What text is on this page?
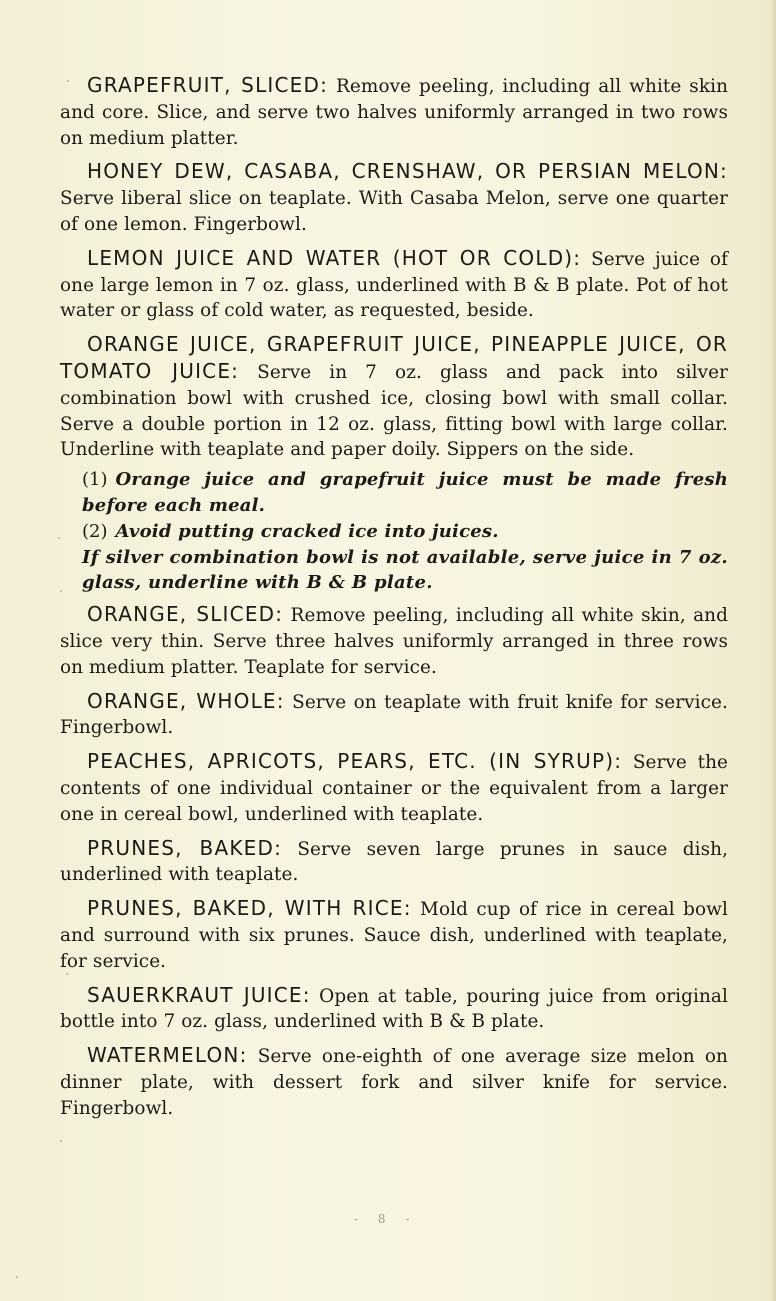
GRAPEFRUIT, SLICED: Remove peeling, including all white skin and core. Slice, and serve two halves uniformly arranged in two rows on medium platter.

HONEY DEW, CASABA, CRENSHAW, OR PERSIAN MELON: Serve liberal slice on teaplate. With Casaba Melon, serve one quarter of one lemon. Fingerbowl.

LEMON JUICE AND WATER (HOT OR COLD): Serve juice of one large lemon in 7 oz. glass, underlined with B & B plate. Pot of hot water or glass of cold water, as requested, beside.

ORANGE JUICE, GRAPEFRUIT JUICE, PINEAPPLE JUICE, OR TOMATO JUICE: Serve in 7 oz. glass and pack into silver combination bowl with crushed ice, closing bowl with small collar. Serve a double portion in 12 oz. glass, fitting bowl with large collar. Underline with teaplate and paper doily. Sippers on the side.

(1) Orange juice and grapefruit juice must be made fresh before each meal.
(2) Avoid putting cracked ice into juices.
If silver combination bowl is not available, serve juice in 7 oz. glass, underline with B & B plate.

ORANGE, SLICED: Remove peeling, including all white skin, and slice very thin. Serve three halves uniformly arranged in three rows on medium platter. Teaplate for service.

ORANGE, WHOLE: Serve on teaplate with fruit knife for service. Fingerbowl.

PEACHES, APRICOTS, PEARS, ETC. (IN SYRUP): Serve the contents of one individual container or the equivalent from a larger one in cereal bowl, underlined with teaplate.

PRUNES, BAKED: Serve seven large prunes in sauce dish, underlined with teaplate.

PRUNES, BAKED, WITH RICE: Mold cup of rice in cereal bowl and surround with six prunes. Sauce dish, underlined with teaplate, for service.

SAUERKRAUT JUICE: Open at table, pouring juice from original bottle into 7 oz. glass, underlined with B & B plate.

WATERMELON: Serve one-eighth of one average size melon on dinner plate, with dessert fork and silver knife for service. Fingerbowl.

- 8 -
